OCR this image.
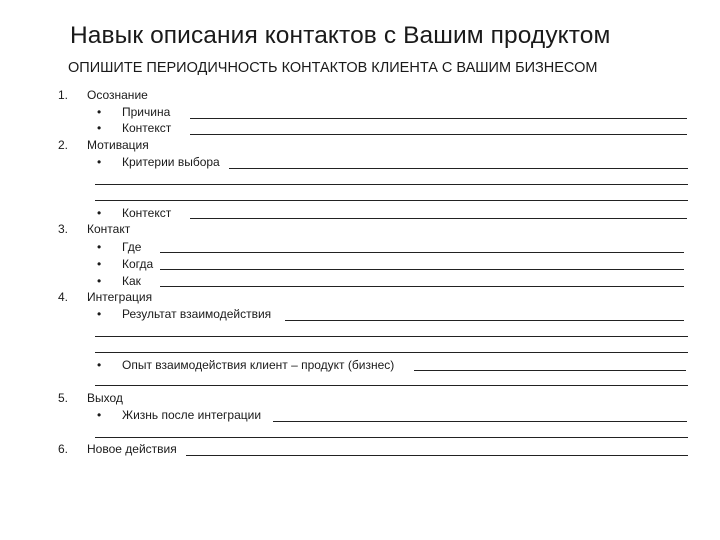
Навык описания контактов с Вашим продуктом
ОПИШИТЕ ПЕРИОДИЧНОСТЬ КОНТАКТОВ КЛИЕНТА С ВАШИМ БИЗНЕСОМ
1. Осознание
• Причина
• Контекст
2. Мотивация
• Критерии выбора
• Контекст
3. Контакт
• Где
• Когда
• Как
4. Интеграция
• Результат взаимодействия
• Опыт взаимодействия клиент – продукт (бизнес)
5. Выход
• Жизнь после интеграции
6. Новое действия
